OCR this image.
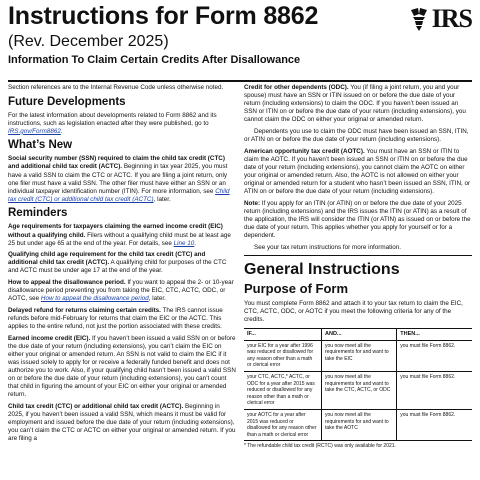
Instructions for Form 8862
(Rev. December 2025)
Information To Claim Certain Credits After Disallowance
IRS

Section references are to the Internal Revenue Code unless otherwise noted.

Future Developments

For the latest information about developments related to Form 8862 and its instructions, such as legislation enacted after they were published, go to IRS.gov/Form8862.

What’s New

Social security number (SSN) required to claim the child tax credit (CTC) and additional child tax credit (ACTC). Beginning in tax year 2025, you must have a valid SSN to claim the CTC or ACTC. If you are filing a joint return, only one filer must have a valid SSN. The other filer must have either an SSN or an individual taxpayer identification number (ITIN). For more information, see Child tax credit (CTC) or additional child tax credit (ACTC), later.

Reminders

Age requirements for taxpayers claiming the earned income credit (EIC) without a qualifying child. Filers without a qualifying child must be at least age 25 but under age 65 at the end of the year. For details, see Line 10.

Qualifying child age requirement for the child tax credit (CTC) and additional child tax credit (ACTC). A qualifying child for purposes of the CTC and ACTC must be under age 17 at the end of the year.

How to appeal the disallowance period. If you want to appeal the 2- or 10-year disallowance period preventing you from taking the EIC, CTC, ACTC, ODC, or AOTC, see How to appeal the disallowance period, later.

Delayed refund for returns claiming certain credits. The IRS cannot issue refunds before mid-February for returns that claim the EIC or the ACTC. This applies to the entire refund, not just the portion associated with these credits.

Earned income credit (EIC). If you haven’t been issued a valid SSN on or before the due date of your return (including extensions), you can’t claim the EIC on either your original or amended return. An SSN is not valid to claim the EIC if it was issued solely to apply for or receive a federally funded benefit and does not authorize you to work. Also, if your qualifying child hasn’t been issued a valid SSN on or before the due date of your return (including extensions), you can’t count that child in figuring the amount of your EIC on either your original or amended return.

Child tax credit (CTC) or additional child tax credit (ACTC). Beginning in 2025, if you haven’t been issued a valid SSN, which means it must be valid for employment and issued before the due date of your return (including extensions), you can’t claim the CTC or ACTC on either your original or amended return. If you are filing a

Credit for other dependents (ODC). You (if filing a joint return, you and your spouse) must have an SSN or ITIN issued on or before the due date of your return (including extensions) to claim the ODC. If you haven’t been issued an SSN or ITIN on or before the due date of your return (including extensions), you cannot claim the ODC on either your original or amended return.

Dependents you use to claim the ODC must have been issued an SSN, ITIN, or ATIN on or before the due date of your return (including extensions).

American opportunity tax credit (AOTC). You must have an SSN or ITIN to claim the AOTC. If you haven’t been issued an SSN or ITIN on or before the due date of your return (including extensions), you cannot claim the AOTC on either your original or amended return. Also, the AOTC is not allowed on either your original or amended return for a student who hasn’t been issued an SSN, ITIN, or ATIN on or before the due date of your return (including extensions).

Note: If you apply for an ITIN (or ATIN) on or before the due date of your 2025 return (including extensions) and the IRS issues the ITIN (or ATIN) as a result of the application, the IRS will consider the ITIN (or ATIN) as issued on or before the due date of your return. This applies whether you apply for yourself or for a dependent.

See your tax return instructions for more information.

General Instructions
Purpose of Form

You must complete Form 8862 and attach it to your tax return to claim the EIC, CTC, ACTC, ODC, or AOTC if you meet the following criteria for any of the credits.

IF...	AND...	THEN...
your EIC for a year after 1996 was reduced or disallowed for any reason other than a math or clerical error	you now meet all the requirements for and want to take the EIC	you must file Form 8862.
your CTC, ACTC,* ACTC, or ODC for a year after 2015 was reduced or disallowed for any reason other than a math or clerical error	you now meet all the requirements for and want to take the CTC, ACTC, or ODC	you must file Form 8862.
your AOTC for a year after 2015 was reduced or disallowed for any reason other than a math or clerical error	you now meet all the requirements for and want to take the AOTC	you must file Form 8862.
* The refundable child tax credit (RCTC) was only available for 2021.
